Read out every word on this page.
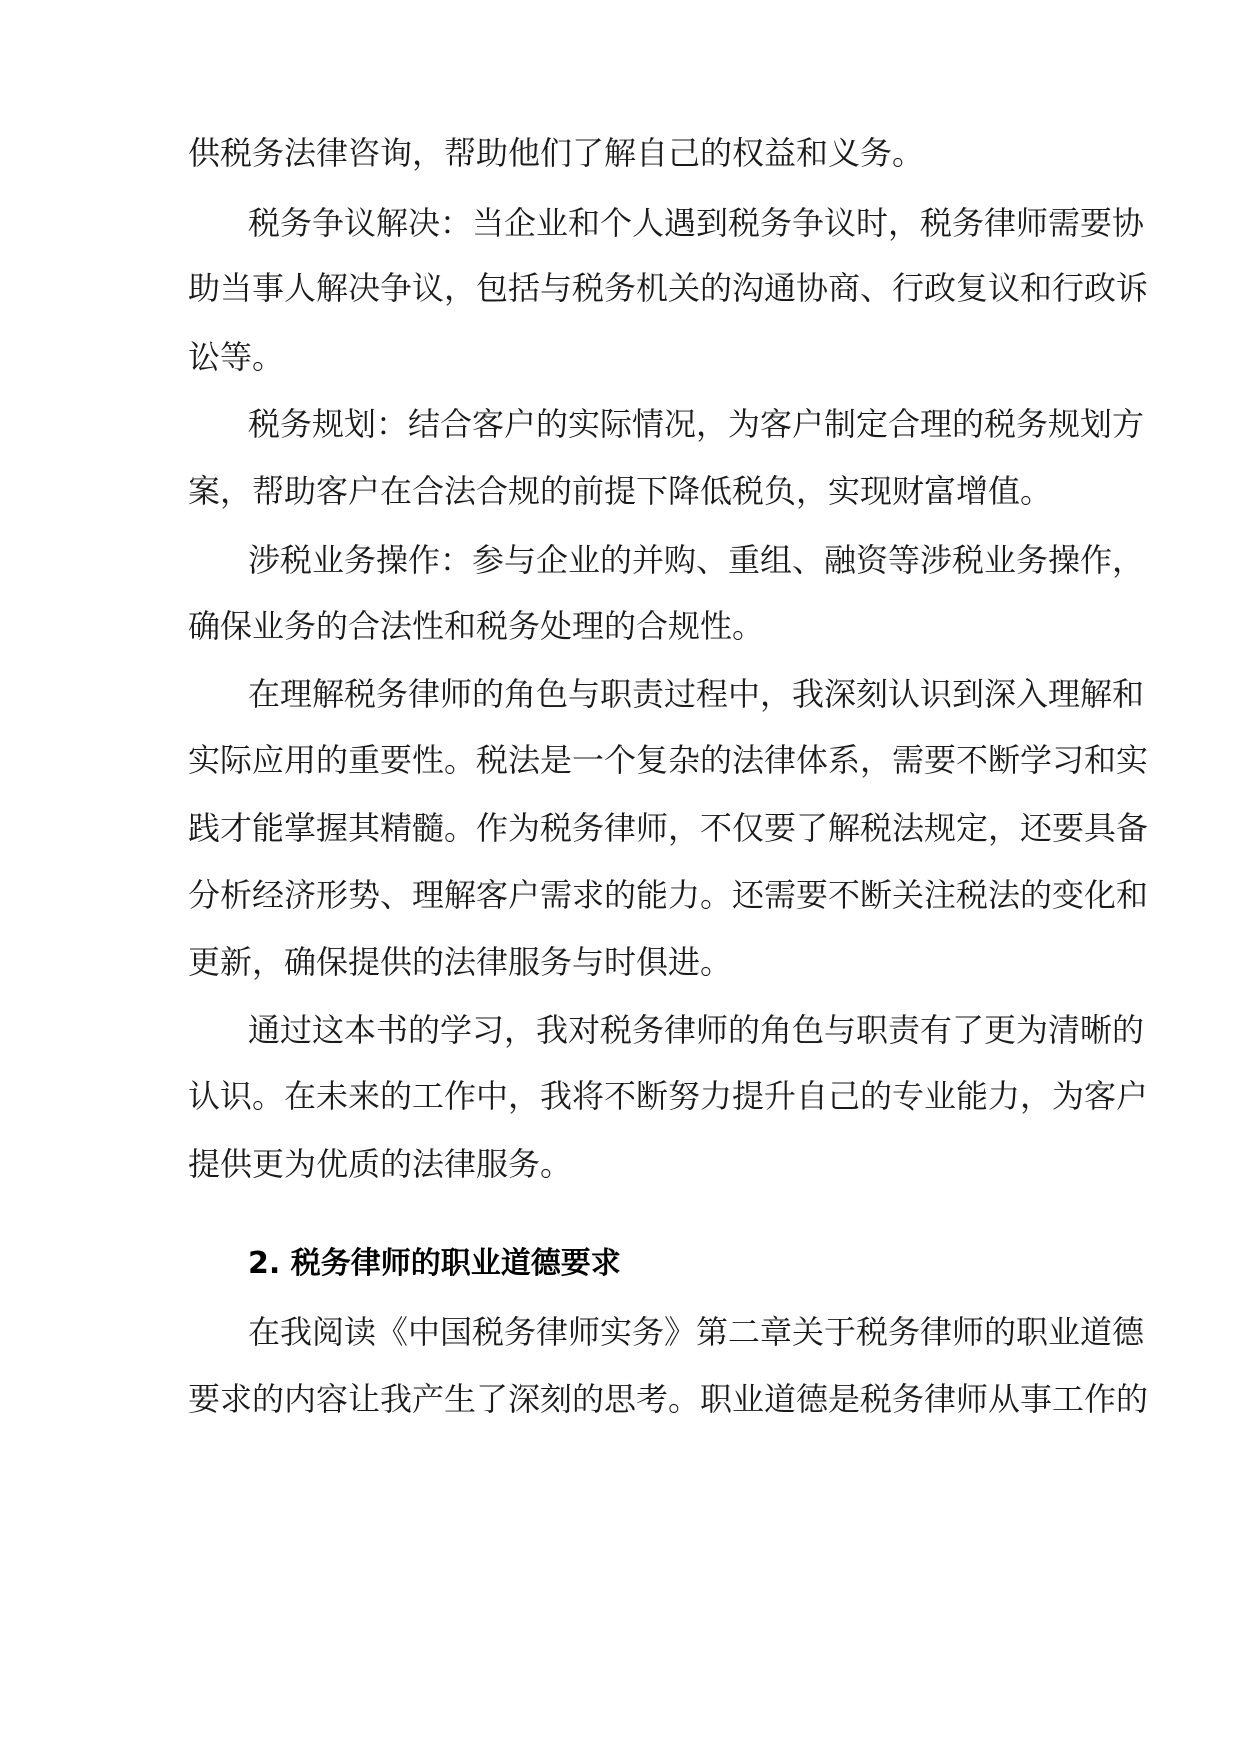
供税务法律咨询，帮助他们了解自己的权益和义务。
税务争议解决：当企业和个人遇到税务争议时，税务律师需要协
助当事人解决争议，包括与税务机关的沟通协商、行政复议和行政诉
讼等。
税务规划：结合客户的实际情况，为客户制定合理的税务规划方
案，帮助客户在合法合规的前提下降低税负，实现财富增值。
涉税业务操作：参与企业的并购、重组、融资等涉税业务操作，
确保业务的合法性和税务处理的合规性。
在理解税务律师的角色与职责过程中，我深刻认识到深入理解和
实际应用的重要性。税法是一个复杂的法律体系，需要不断学习和实
践才能掌握其精髓。作为税务律师，不仅要了解税法规定，还要具备
分析经济形势、理解客户需求的能力。还需要不断关注税法的变化和
更新，确保提供的法律服务与时俱进。
通过这本书的学习，我对税务律师的角色与职责有了更为清晰的
认识。在未来的工作中，我将不断努力提升自己的专业能力，为客户
提供更为优质的法律服务。
2. 税务律师的职业道德要求
在我阅读《中国税务律师实务》第二章关于税务律师的职业道德
要求的内容让我产生了深刻的思考。职业道德是税务律师从事工作的
